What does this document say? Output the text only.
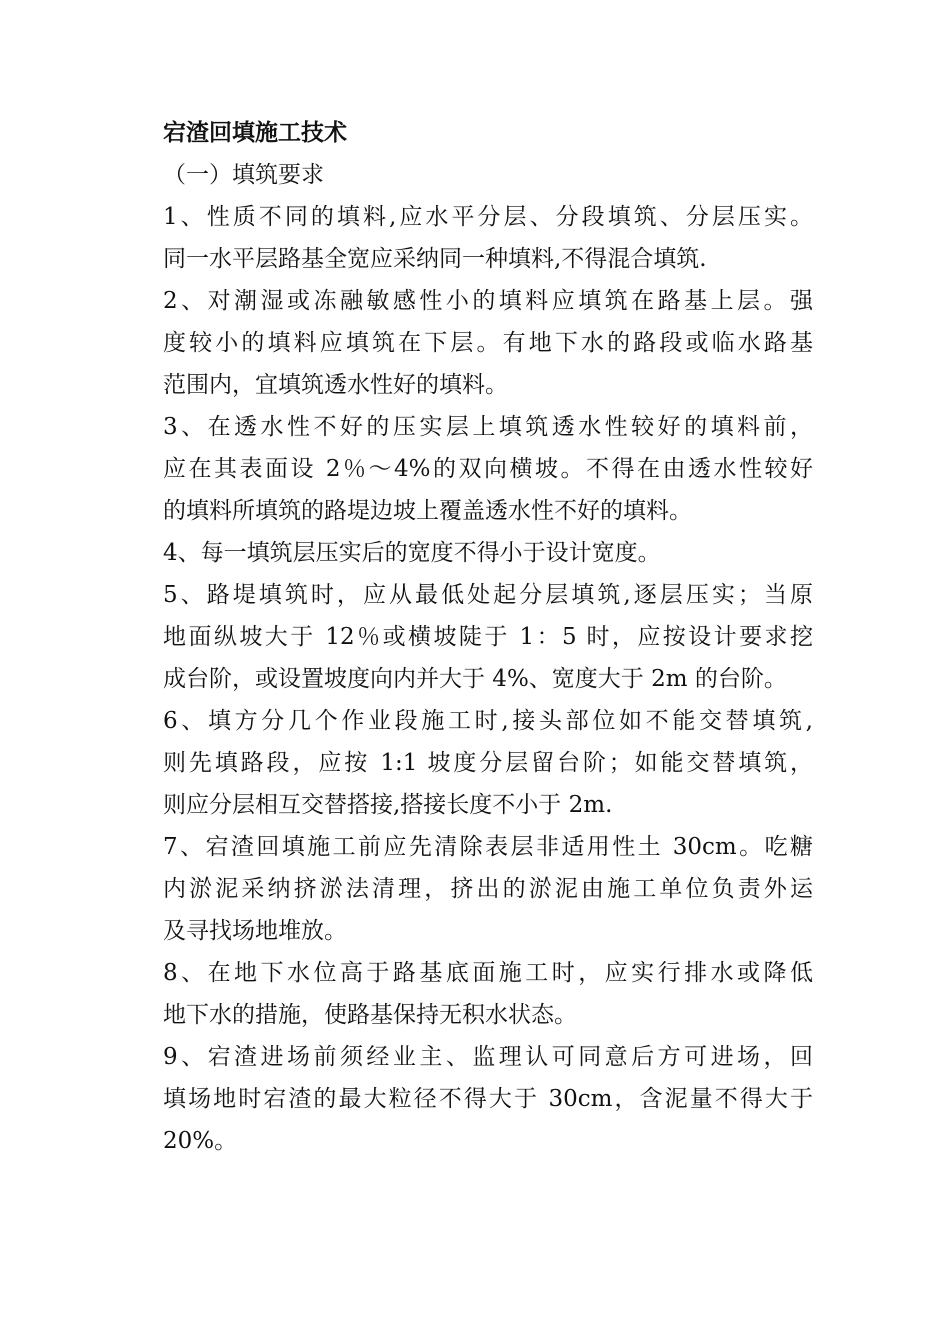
宕渣回填施工技术

（一）填筑要求

1、性质不同的填料,应水平分层、分段填筑、分层压实。
同一水平层路基全宽应采纳同一种填料,不得混合填筑.

2、对潮湿或冻融敏感性小的填料应填筑在路基上层。强
度较小的填料应填筑在下层。有地下水的路段或临水路基
范围内，宜填筑透水性好的填料。

3、在透水性不好的压实层上填筑透水性较好的填料前，
应在其表面设 2％～4%的双向横坡。不得在由透水性较好
的填料所填筑的路堤边坡上覆盖透水性不好的填料。

4、每一填筑层压实后的宽度不得小于设计宽度。

5、路堤填筑时，应从最低处起分层填筑,逐层压实；当原
地面纵坡大于 12％或横坡陡于 1：5 时，应按设计要求挖
成台阶，或设置坡度向内并大于 4%、宽度大于 2m 的台阶。

6、填方分几个作业段施工时,接头部位如不能交替填筑,
则先填路段，应按 1:1 坡度分层留台阶；如能交替填筑，
则应分层相互交替搭接,搭接长度不小于 2m.

7、宕渣回填施工前应先清除表层非适用性土 30cm。吃糖
内淤泥采纳挤淤法清理，挤出的淤泥由施工单位负责外运
及寻找场地堆放。

8、在地下水位高于路基底面施工时，应实行排水或降低
地下水的措施，使路基保持无积水状态。

9、宕渣进场前须经业主、监理认可同意后方可进场，回
填场地时宕渣的最大粒径不得大于 30cm，含泥量不得大于
20%。
